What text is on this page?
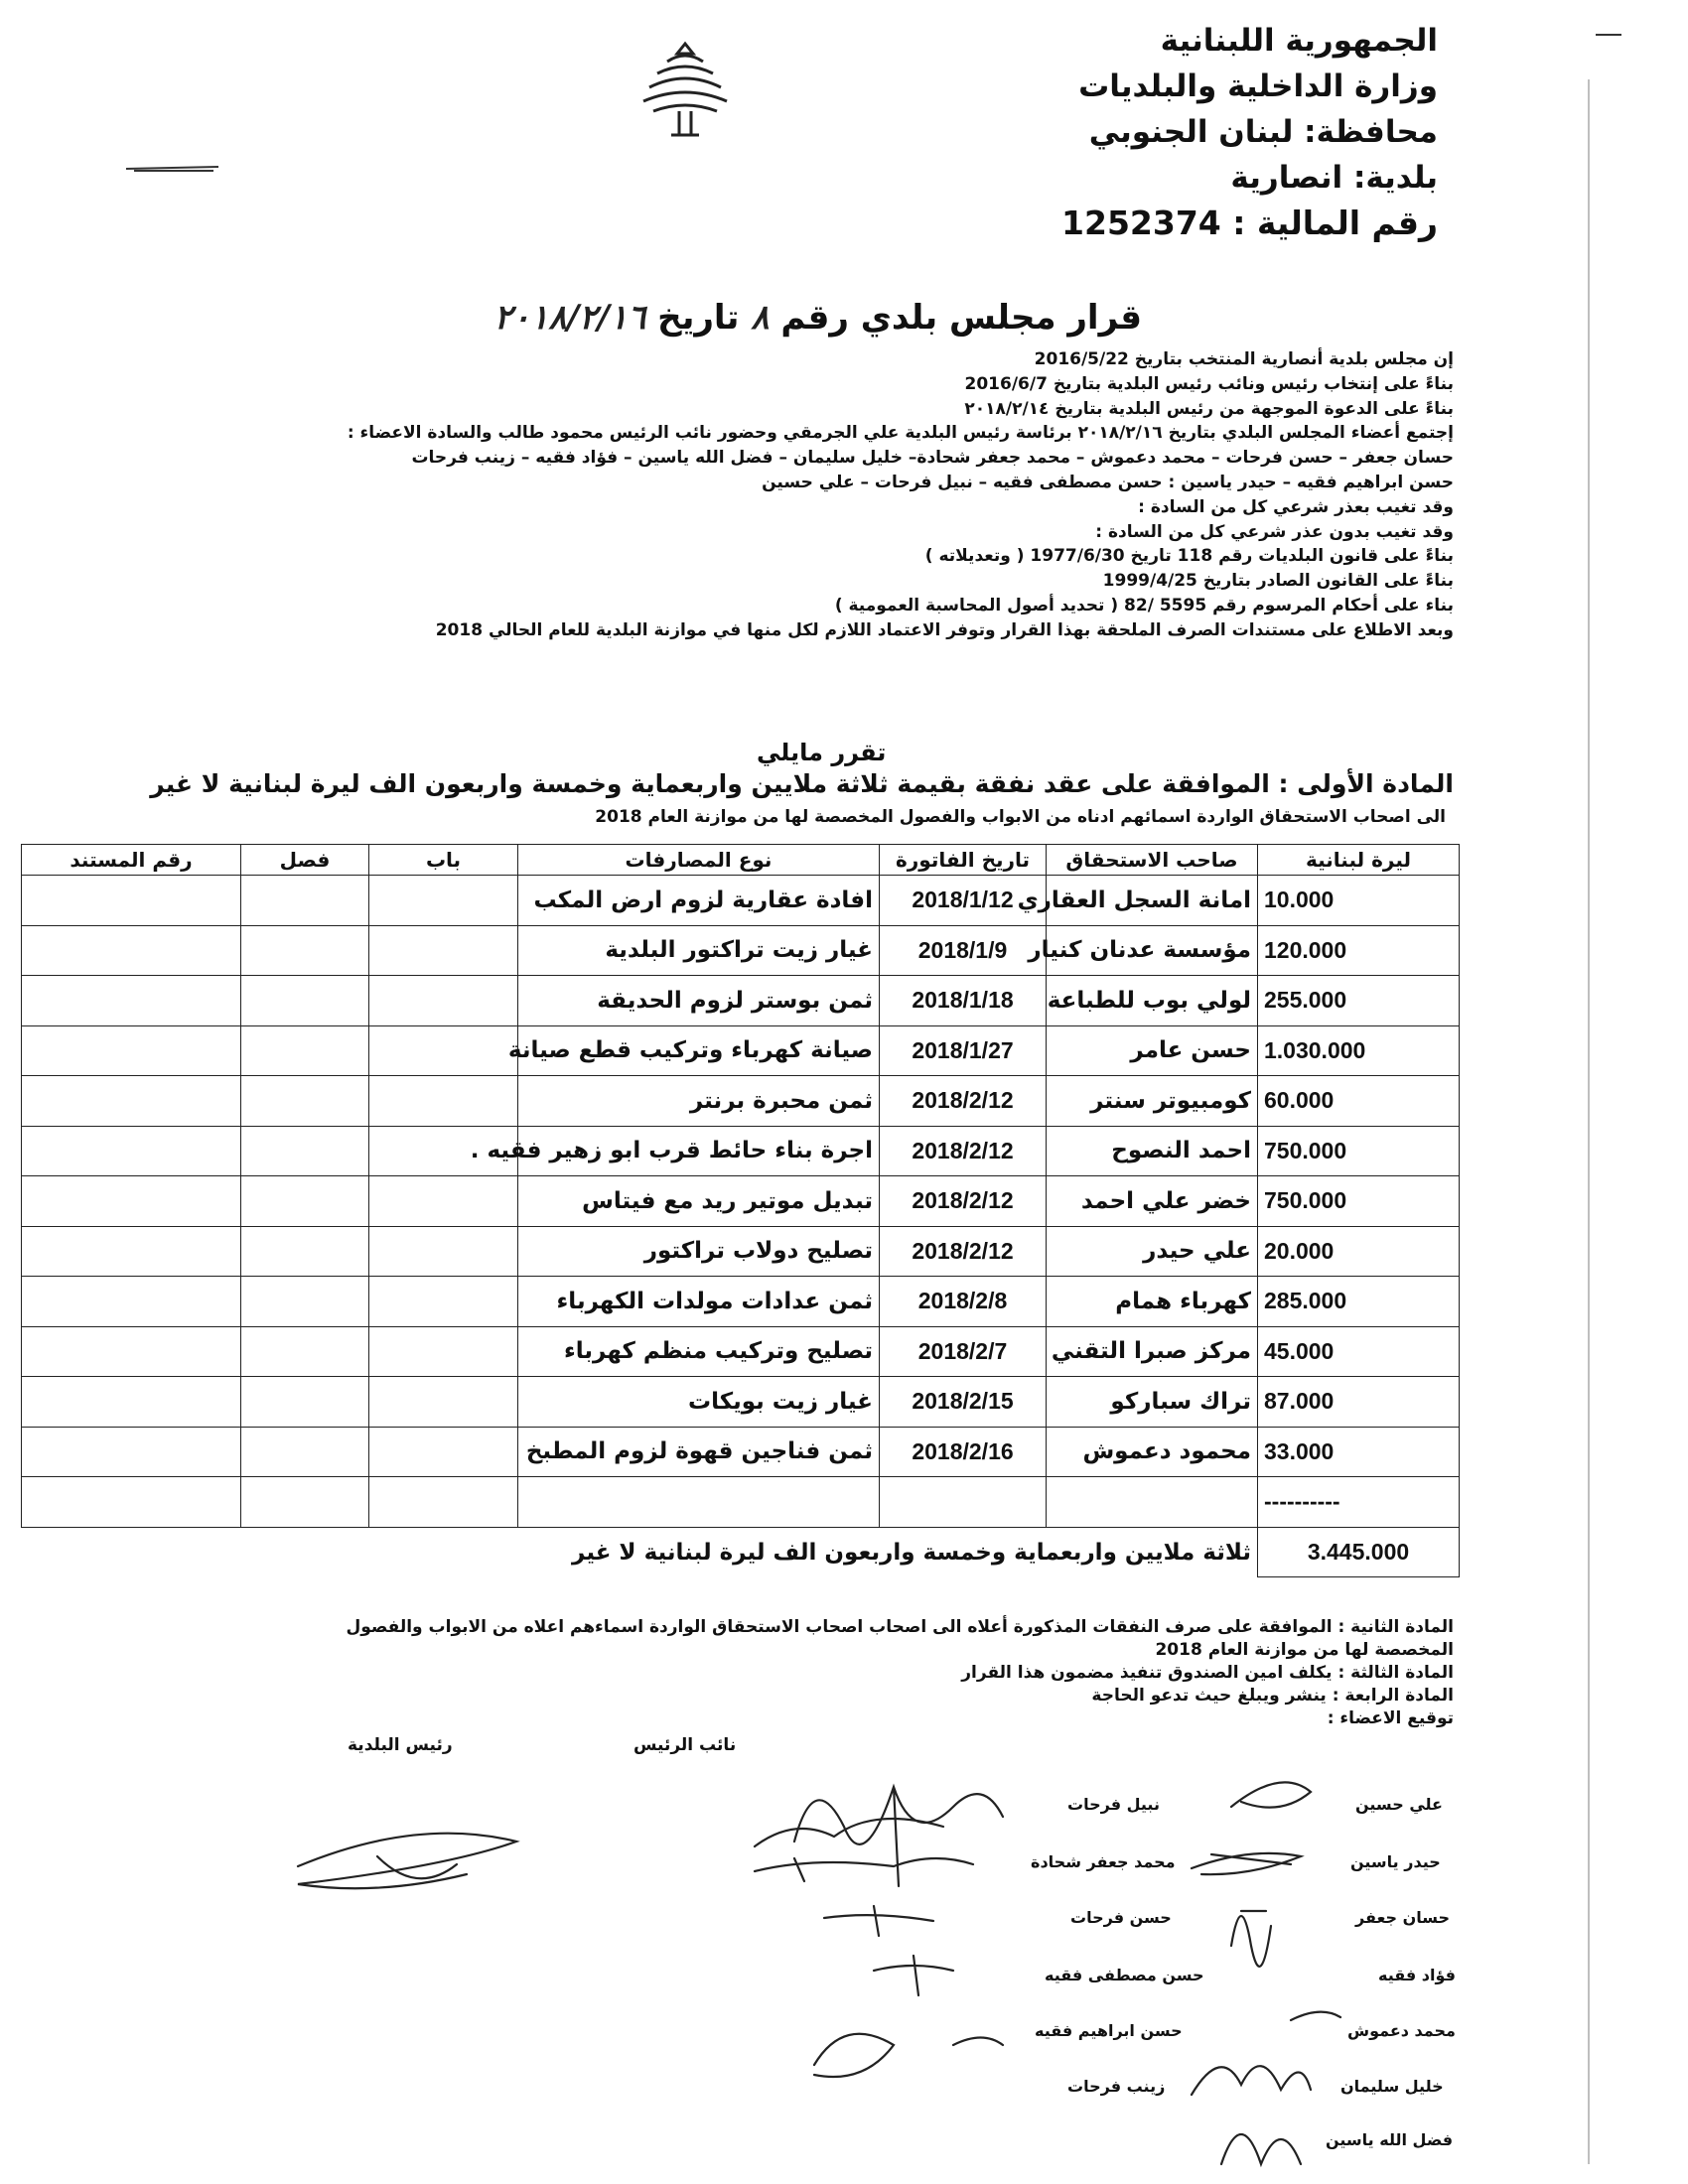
الجمهورية اللبنانية
وزارة الداخلية والبلديات
محافظة: لبنان الجنوبي
بلدية: انصارية
رقم المالية : 1252374
قرار مجلس بلدي رقم ٨ تاريخ ٢٠١٨/٢/١٦
إن مجلس بلدية أنصارية المنتخب بتاريخ 2016/5/22
بناءً على إنتخاب رئيس ونائب رئيس البلدية بتاريخ 2016/6/7
بناءً على الدعوة الموجهة من رئيس البلدية بتاريخ ٢٠١٨/٢/١٤
إجتمع أعضاء المجلس البلدي بتاريخ ٢٠١٨/٢/١٦ برئاسة رئيس البلدية علي الجرمقي وحضور نائب الرئيس محمود طالب والسادة الاعضاء :
حسان جعفر – حسن فرحات – محمد دعموش – محمد جعفر شحادة– خليل سليمان – فضل الله ياسين – فؤاد فقيه – زينب فرحات
حسن ابراهيم فقيه – حيدر ياسين : حسن مصطفى فقيه – نبيل فرحات – علي حسين
وقد تغيب بعذر شرعي كل من السادة :
وقد تغيب بدون عذر شرعي كل من السادة :
بناءً على قانون البلديات رقم 118 تاريخ 1977/6/30 ( وتعديلاته )
بناءً على القانون الصادر بتاريخ 1999/4/25
بناء على أحكام المرسوم رقم 5595 /82 ( تحديد أصول المحاسبة العمومية )
وبعد الاطلاع على مستندات الصرف الملحقة بهذا القرار وتوفر الاعتماد اللازم لكل منها في موازنة البلدية للعام الحالي 2018
تقرر مايلي
المادة الأولى : الموافقة على عقد نفقة بقيمة ثلاثة ملايين واربعماية وخمسة واربعون الف ليرة لبنانية لا غير
الى اصحاب الاستحقاق الواردة اسمائهم ادناه من الابواب والفصول المخصصة لها من موازنة العام 2018
ليرة لبنانية	صاحب الاستحقاق	تاريخ الفاتورة	نوع المصارفات	باب	فصل	رقم المستند
10.000	امانة السجل العقاري	2018/1/12	افادة عقارية لزوم ارض المكب			
120.000	مؤسسة عدنان كنيار	2018/1/9	غيار زيت تراكتور البلدية			
255.000	لولي بوب للطباعة	2018/1/18	ثمن بوستر لزوم الحديقة			
1.030.000	حسن عامر	2018/1/27	صيانة كهرباء وتركيب قطع صيانة			
60.000	كومبيوتر سنتر	2018/2/12	ثمن محبرة برنتر			
750.000	احمد النصوح	2018/2/12	اجرة بناء حائط قرب ابو زهير فقيه .			
750.000	خضر علي احمد	2018/2/12	تبديل موتير ريد مع فيتاس			
20.000	علي حيدر	2018/2/12	تصليح دولاب تراكتور			
285.000	كهرباء همام	2018/2/8	ثمن عدادات مولدات الكهرباء			
45.000	مركز صبرا التقني	2018/2/7	تصليح وتركيب منظم كهرباء			
87.000	تراك سباركو	2018/2/15	غيار زيت بويكات			
33.000	محمود دعموش	2018/2/16	ثمن فناجين قهوة لزوم المطبخ			
----------						
3.445.000	ثلاثة ملايين واربعماية وخمسة واربعون الف ليرة لبنانية لا غير					
المادة الثانية : الموافقة على صرف النفقات المذكورة أعلاه الى اصحاب اصحاب الاستحقاق الواردة اسماءهم اعلاه من الابواب والفصول
المخصصة لها من موازنة العام 2018
المادة الثالثة : يكلف امين الصندوق تنفيذ مضمون هذا القرار
المادة الرابعة : ينشر ويبلغ حيث تدعو الحاجة
توقيع الاعضاء :
نائب الرئيس
رئيس البلدية
علي حسين
حيدر ياسين
حسان جعفر
فؤاد فقيه
محمد دعموش
خليل سليمان
فضل الله ياسين
نبيل فرحات
محمد جعفر شحادة
حسن فرحات
حسن مصطفى فقيه
حسن ابراهيم فقيه
زينب فرحات
